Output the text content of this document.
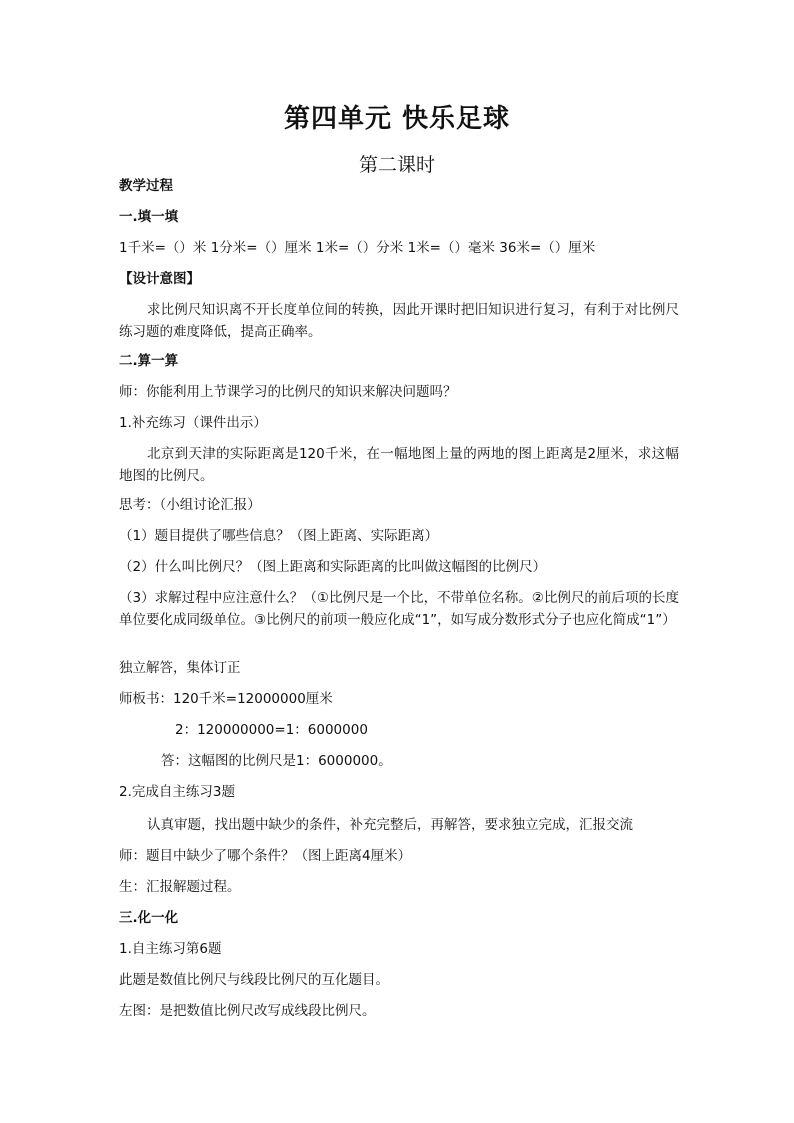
第四单元 快乐足球
第二课时
教学过程
一.填一填
1千米=（）米 1分米=（）厘米 1米=（）分米 1米=（）毫米 36米=（）厘米
【设计意图】
求比例尺知识离不开长度单位间的转换，因此开课时把旧知识进行复习，有利于对比例尺练习题的难度降低，提高正确率。
二.算一算
师：你能利用上节课学习的比例尺的知识来解决问题吗？
1.补充练习（课件出示）
北京到天津的实际距离是120千米，在一幅地图上量的两地的图上距离是2厘米，求这幅地图的比例尺。
思考：（小组讨论汇报）
（1）题目提供了哪些信息？（图上距离、实际距离）
（2）什么叫比例尺？（图上距离和实际距离的比叫做这幅图的比例尺）
（3）求解过程中应注意什么？（①比例尺是一个比，不带单位名称。②比例尺的前后项的长度单位要化成同级单位。③比例尺的前项一般应化成“1”，如写成分数形式分子也应化简成“1”）
独立解答，集体订正
师板书：120千米=12000000厘米
2：120000000=1：6000000
答：这幅图的比例尺是1：6000000。
2.完成自主练习3题
认真审题，找出题中缺少的条件，补充完整后，再解答，要求独立完成，汇报交流
师：题目中缺少了哪个条件？（图上距离4厘米）
生：汇报解题过程。
三.化一化
1.自主练习第6题
此题是数值比例尺与线段比例尺的互化题目。
左图：是把数值比例尺改写成线段比例尺。
